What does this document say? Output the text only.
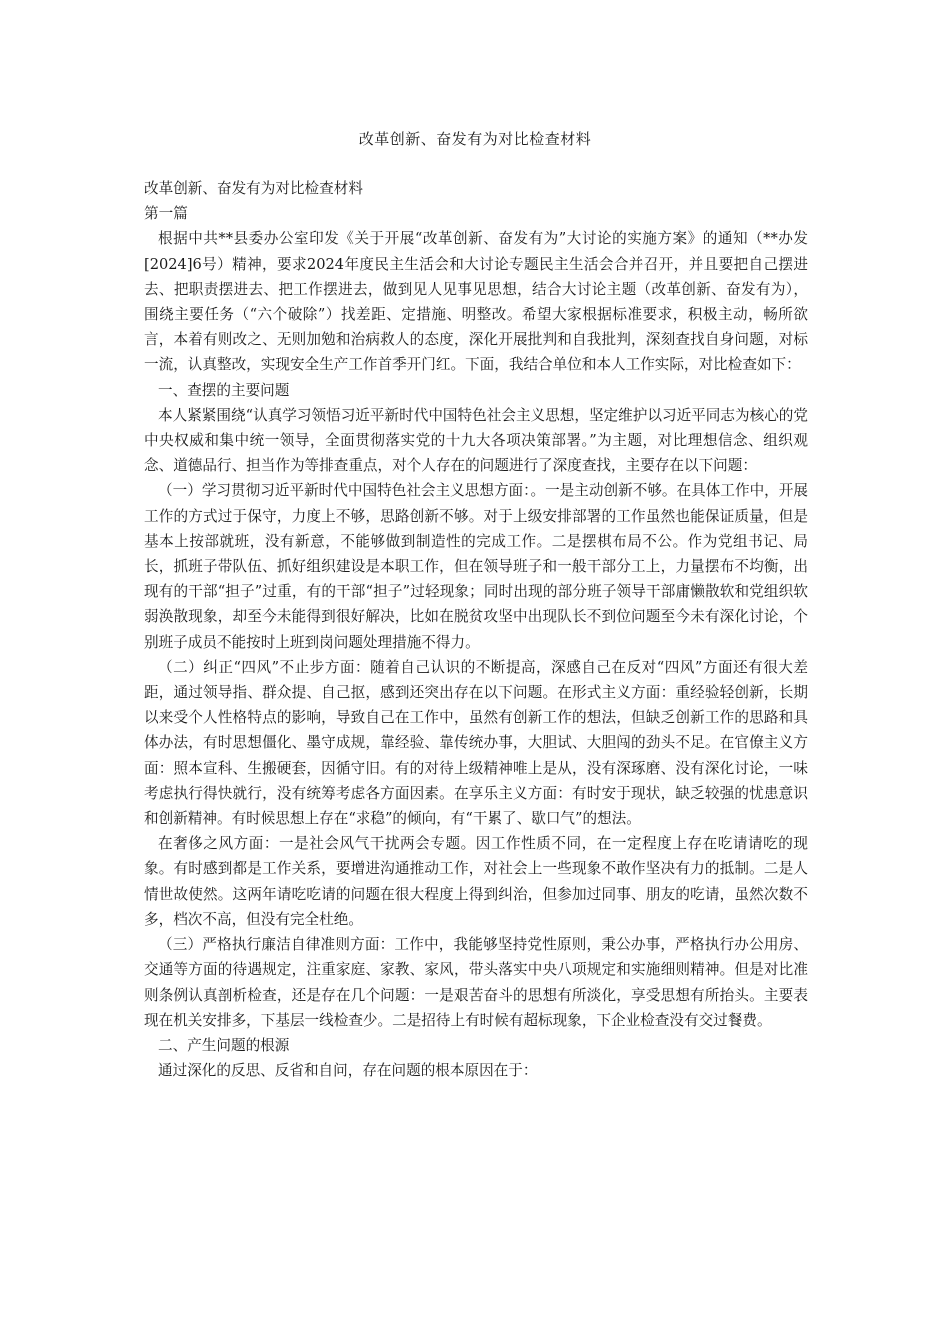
改革创新、奋发有为对比检查材料

改革创新、奋发有为对比检查材料

第一篇

根据中共**县委办公室印发《关于开展“改革创新、奋发有为”大讨论的实施方案》的通知（**办发[2024]6号）精神，要求2024年度民主生活会和大讨论专题民主生活会合并召开，并且要把自己摆进去、把职责摆进去、把工作摆进去，做到见人见事见思想，结合大讨论主题（改革创新、奋发有为），围绕主要任务（“六个破除”）找差距、定措施、明整改。希望大家根据标准要求，积极主动，畅所欲言，本着有则改之、无则加勉和治病救人的态度，深化开展批判和自我批判，深刻查找自身问题，对标一流，认真整改，实现安全生产工作首季开门红。下面，我结合单位和本人工作实际，对比检查如下：

一、查摆的主要问题

本人紧紧围绕“认真学习领悟习近平新时代中国特色社会主义思想，坚定维护以习近平同志为核心的党中央权威和集中统一领导，全面贯彻落实党的十九大各项决策部署。”为主题，对比理想信念、组织观念、道德品行、担当作为等排查重点，对个人存在的问题进行了深度查找，主要存在以下问题：

（一）学习贯彻习近平新时代中国特色社会主义思想方面：。一是主动创新不够。在具体工作中，开展工作的方式过于保守，力度上不够，思路创新不够。对于上级安排部署的工作虽然也能保证质量，但是基本上按部就班，没有新意，不能够做到制造性的完成工作。二是摆棋布局不公。作为党组书记、局长，抓班子带队伍、抓好组织建设是本职工作，但在领导班子和一般干部分工上，力量摆布不均衡，出现有的干部“担子”过重，有的干部“担子”过轻现象；同时出现的部分班子领导干部庸懒散软和党组织软弱涣散现象，却至今未能得到很好解决，比如在脱贫攻坚中出现队长不到位问题至今未有深化讨论，个别班子成员不能按时上班到岗问题处理措施不得力。

（二）纠正“四风”不止步方面：随着自己认识的不断提高，深感自己在反对“四风”方面还有很大差距，通过领导指、群众提、自己抠，感到还突出存在以下问题。在形式主义方面：重经验轻创新，长期以来受个人性格特点的影响，导致自己在工作中，虽然有创新工作的想法，但缺乏创新工作的思路和具体办法，有时思想僵化、墨守成规，靠经验、靠传统办事，大胆试、大胆闯的劲头不足。在官僚主义方面：照本宣科、生搬硬套，因循守旧。有的对待上级精神唯上是从，没有深琢磨、没有深化讨论，一味考虑执行得快就行，没有统筹考虑各方面因素。在享乐主义方面：有时安于现状，缺乏较强的忧患意识和创新精神。有时候思想上存在“求稳”的倾向，有“干累了、歇口气”的想法。

在奢侈之风方面：一是社会风气干扰两会专题。因工作性质不同，在一定程度上存在吃请请吃的现象。有时感到都是工作关系，要增进沟通推动工作，对社会上一些现象不敢作坚决有力的抵制。二是人情世故使然。这两年请吃吃请的问题在很大程度上得到纠治，但参加过同事、朋友的吃请，虽然次数不多，档次不高，但没有完全杜绝。

（三）严格执行廉洁自律准则方面：工作中，我能够坚持党性原则，秉公办事，严格执行办公用房、交通等方面的待遇规定，注重家庭、家教、家风，带头落实中央八项规定和实施细则精神。但是对比准则条例认真剖析检查，还是存在几个问题：一是艰苦奋斗的思想有所淡化，享受思想有所抬头。主要表现在机关安排多，下基层一线检查少。二是招待上有时候有超标现象，下企业检查没有交过餐费。

二、产生问题的根源

通过深化的反思、反省和自问，存在问题的根本原因在于：
